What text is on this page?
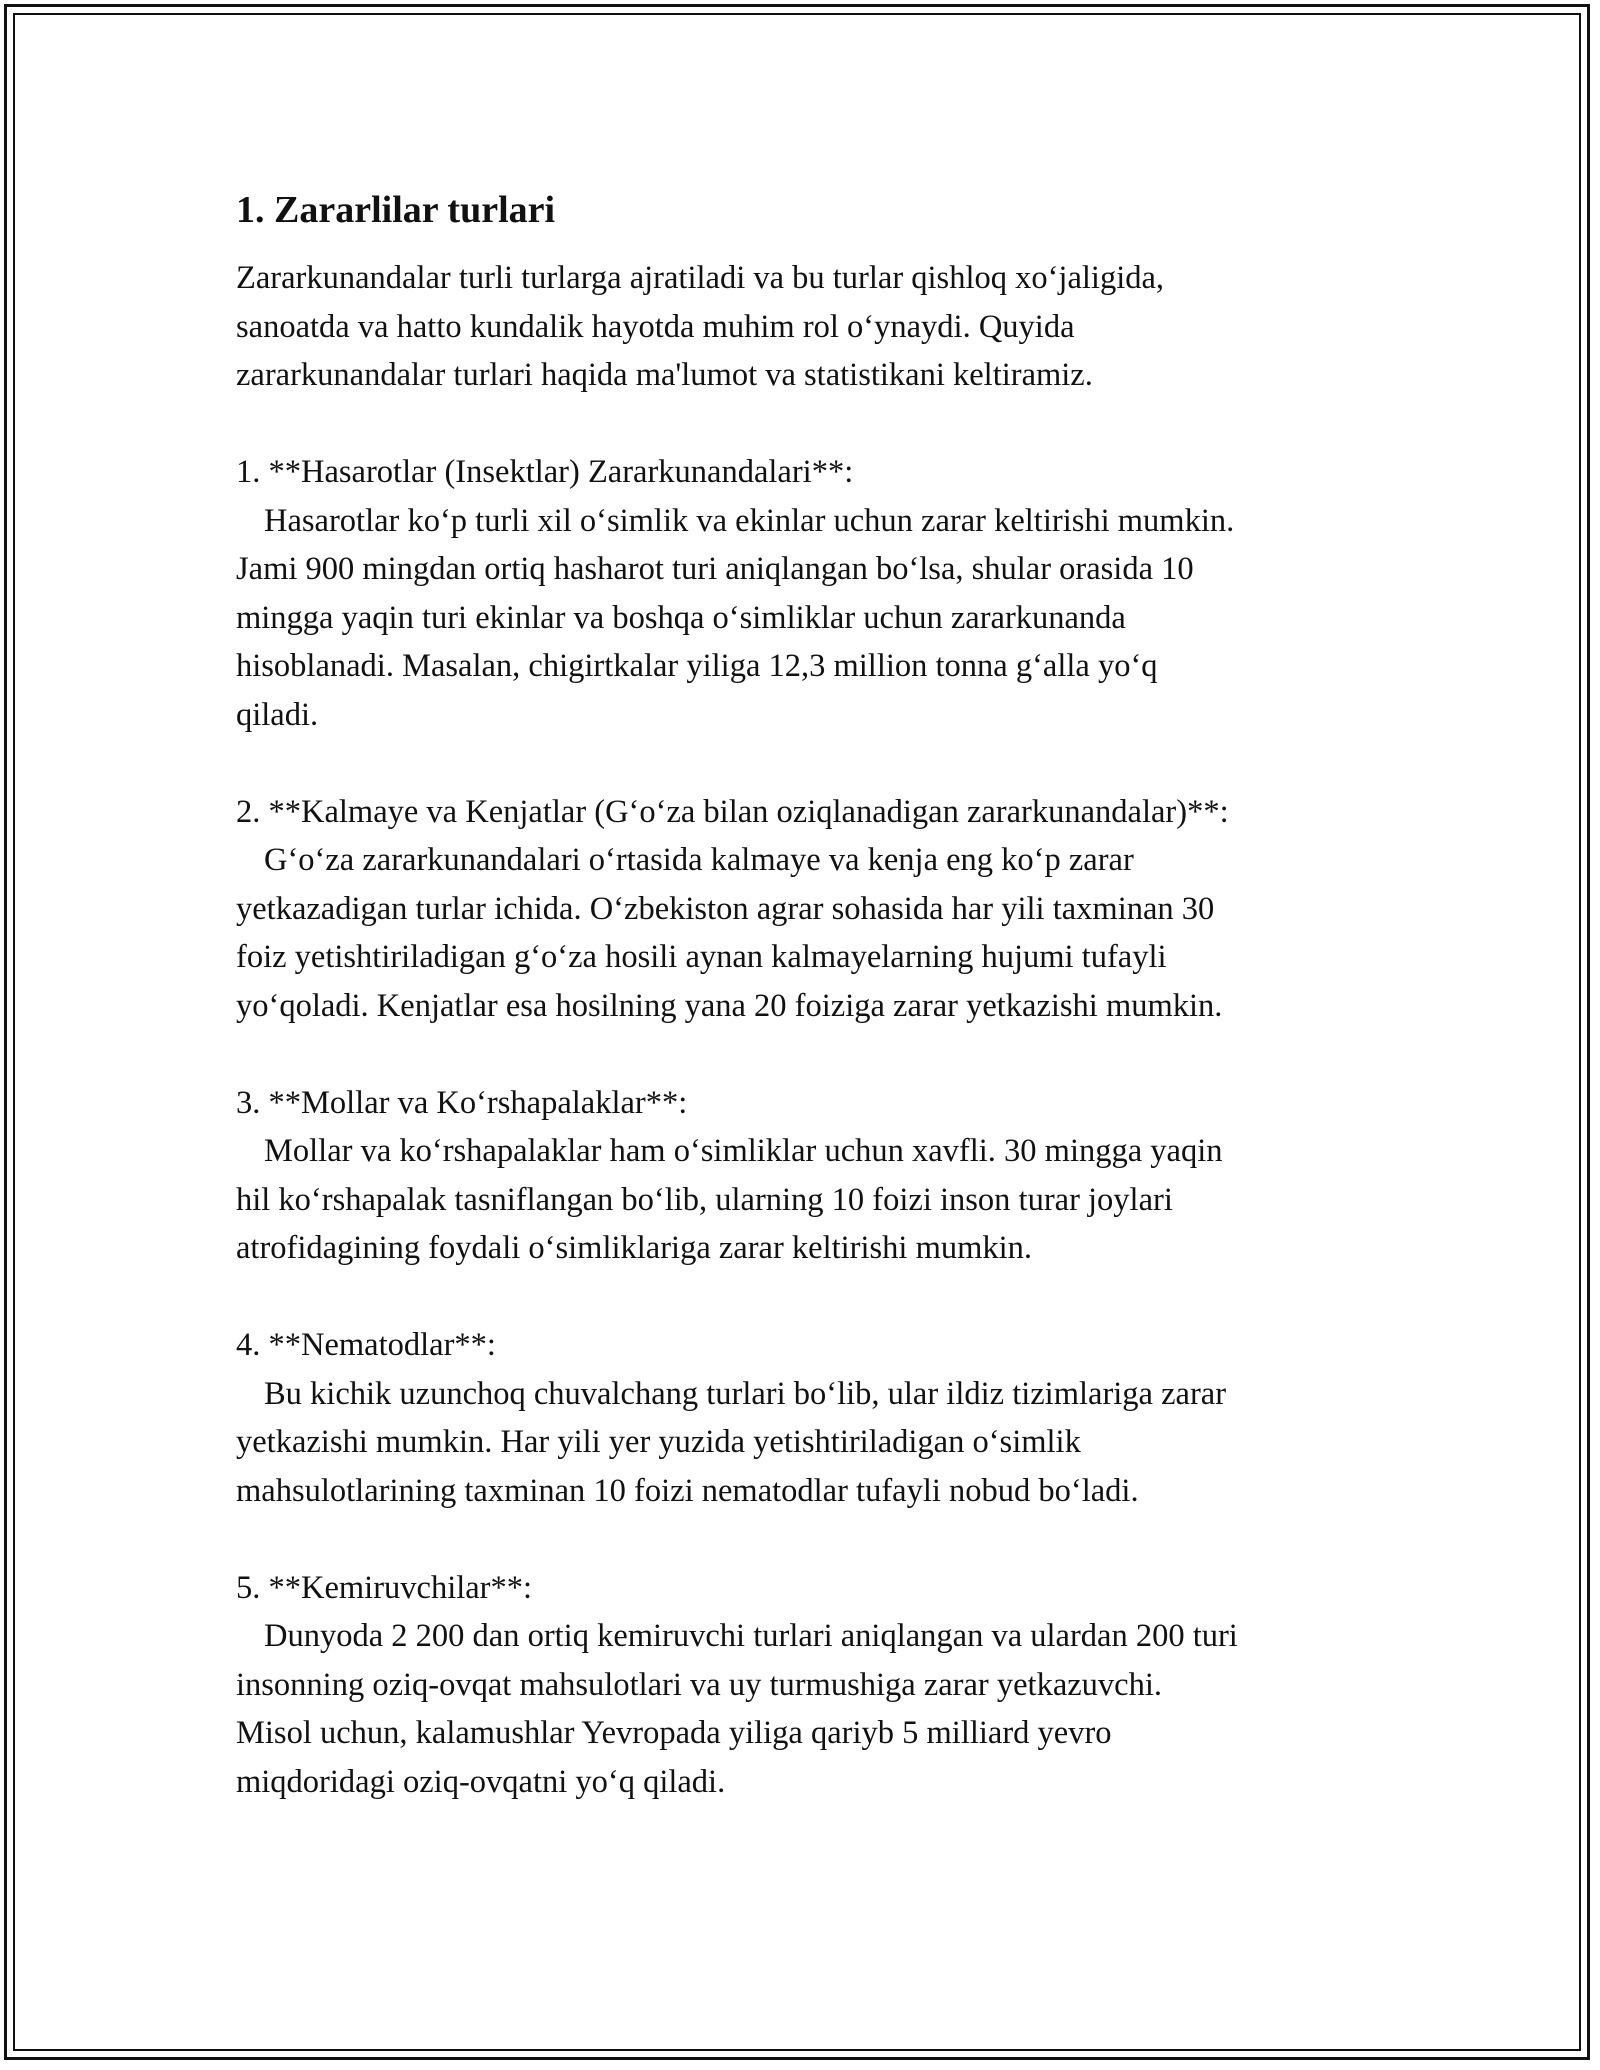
1. Zararlilar turlari
Zararkunandalar turli turlarga ajratiladi va bu turlar qishloq xo‘jaligida,
sanoatda va hatto kundalik hayotda muhim rol o‘ynaydi. Quyida
zararkunandalar turlari haqida ma'lumot va statistikani keltiramiz.
1. **Hasarotlar (Insektlar) Zararkunandalari**:
Hasarotlar ko‘p turli xil o‘simlik va ekinlar uchun zarar keltirishi mumkin.
Jami 900 mingdan ortiq hasharot turi aniqlangan bo‘lsa, shular orasida 10
mingga yaqin turi ekinlar va boshqa o‘simliklar uchun zararkunanda
hisoblanadi. Masalan, chigirtkalar yiliga 12,3 million tonna g‘alla yo‘q
qiladi.
2. **Kalmaye va Kenjatlar (G‘o‘za bilan oziqlanadigan zararkunandalar)**:
G‘o‘za zararkunandalari o‘rtasida kalmaye va kenja eng ko‘p zarar
yetkazadigan turlar ichida. O‘zbekiston agrar sohasida har yili taxminan 30
foiz yetishtiriladigan g‘o‘za hosili aynan kalmayelarning hujumi tufayli
yo‘qoladi. Kenjatlar esa hosilning yana 20 foiziga zarar yetkazishi mumkin.
3. **Mollar va Ko‘rshapalaklar**:
Mollar va ko‘rshapalaklar ham o‘simliklar uchun xavfli. 30 mingga yaqin
hil ko‘rshapalak tasniflangan bo‘lib, ularning 10 foizi inson turar joylari
atrofidagining foydali o‘simliklariga zarar keltirishi mumkin.
4. **Nematodlar**:
Bu kichik uzunchoq chuvalchang turlari bo‘lib, ular ildiz tizimlariga zarar
yetkazishi mumkin. Har yili yer yuzida yetishtiriladigan o‘simlik
mahsulotlarining taxminan 10 foizi nematodlar tufayli nobud bo‘ladi.
5. **Kemiruvchilar**:
Dunyoda 2 200 dan ortiq kemiruvchi turlari aniqlangan va ulardan 200 turi
insonning oziq-ovqat mahsulotlari va uy turmushiga zarar yetkazuvchi.
Misol uchun, kalamushlar Yevropada yiliga qariyb 5 milliard yevro
miqdoridagi oziq-ovqatni yo‘q qiladi.
